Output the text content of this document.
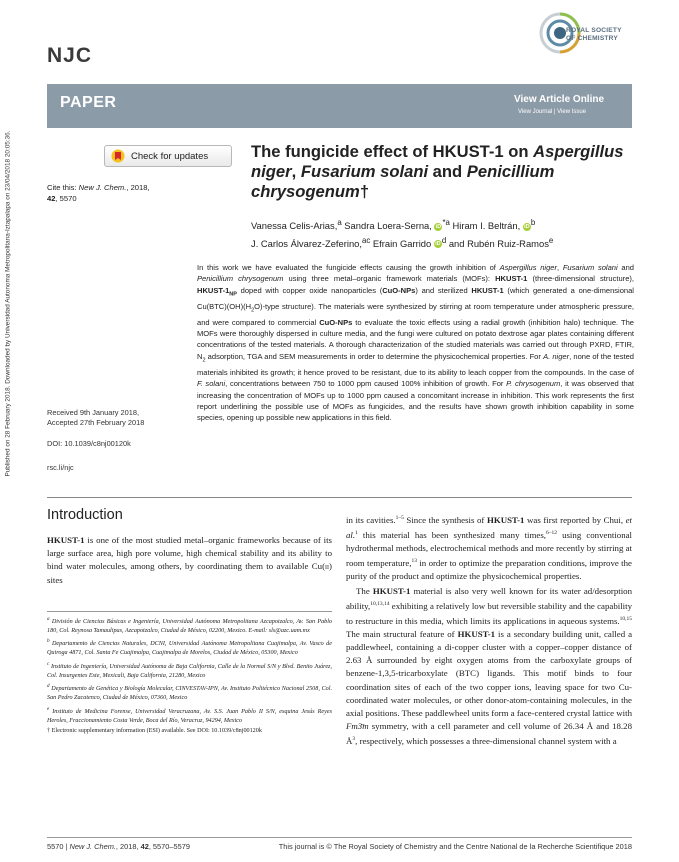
Published on 28 February 2018. Downloaded by Universidad Autonoma Metropolitana-Iztapalapa on 23/04/2018 20:05:36.
NJC
ROYAL SOCIETY
OF CHEMISTRY
PAPER	View Article Online
View Journal | View Issue
Check for updates
Cite this: New J. Chem., 2018,
42, 5570
The fungicide effect of HKUST-1 on Aspergillus niger, Fusarium solani and Penicillium chrysogenum†
Vanessa Celis-Arias,$^a$ Sandra Loera-Serna, $iD^{*a}$ Hiram I. Beltrán, $iD^b$
J. Carlos Álvarez-Zeferino,$^{ac}$ Efrain Garrido $iD^d$ and Rubén Ruiz-Ramos$^e$
In this work we have evaluated the fungicide effects causing the growth inhibition of Aspergillus niger, Fusarium solani and Penicillium chrysogenum using three metal–organic framework materials (MOFs): HKUST-1 (three-dimensional structure), HKUST-$1_{NP}$ doped with copper oxide nanoparticles (CuO-NPs) and sterilized HKUST-1 (which generated a one-dimensional $Cu(BTC)(OH)(H_2O)$-type structure). The materials were synthesized by stirring at room temperature under atmospheric pressure, and were compared to commercial CuO-NPs to evaluate the toxic effects using a radial growth (inhibition halo) technique. The MOFs were thoroughly dispersed in culture media, and the fungi were cultured on potato dextrose agar plates containing different concentrations of the tested materials. A thorough characterization of the studied materials was carried out through PXRD, FTIR, $N_2$ adsorption, TGA and SEM measurements in order to determine the physicochemical properties. For A. niger, none of the tested materials inhibited its growth; it hence proved to be resistant, due to its ability to leach copper from the compounds. In the case of F. solani, concentrations between 750 to 1000 ppm caused 100% inhibition of growth. For P. chrysogenum, it was observed that increasing the concentration of MOFs up to 1000 ppm caused a concomitant increase in inhibition. This work represents the first report underlining the possible use of MOFs as fungicides, and the results have shown growth inhibition capability in some species, opening up possible new applications in this field.
Received 9th January 2018,
Accepted 27th February 2018
DOI: 10.1039/c8nj00120k
rsc.li/njc
Introduction
HKUST-1 is one of the most studied metal–organic frameworks because of its large surface area, high pore volume, high chemical stability and its ability to bind water molecules, among others, by coordinating them to available Cu(ii) sites
$^a$ División de Ciencias Básicas e Ingeniería, Universidad Autónoma Metropolitana Azcapotzalco, Av. San Pablo 180, Col. Reynosa Tamaulipas, Azcapotzalco, Ciudad de México, 02200, Mexico. E-mail: sls@azc.uam.mx
$^b$ Departamento de Ciencias Naturales, DCNI, Universidad Autónoma Metropolitana Cuajimalpa, Av. Vasco de Quiroga 4871, Col. Santa Fe Cuajimalpa, Cuajimalpa de Morelos, Ciudad de México, 05300, Mexico
$^c$ Instituto de Ingeniería, Universidad Autónoma de Baja California, Calle de la Normal S/N y Blvd. Benito Juárez, Col. Insurgentes Este, Mexicali, Baja California, 21280, Mexico
$^d$ Departamento de Genética y Biología Molecular, CINVESTAV-IPN, Av. Instituto Politécnico Nacional 2508, Col. San Pedro Zacatenco, Ciudad de México, 07360, Mexico
$^e$ Instituto de Medicina Forense, Universidad Veracruzana, Av. S.S. Juan Pablo II S/N, esquina Jesús Reyes Heroles, Fraccionamiento Costa Verde, Boca del Río, Veracruz, 94294, Mexico
† Electronic supplementary information (ESI) available. See DOI: 10.1039/c8nj00120k

in its cavities.$^{1-5}$ Since the synthesis of HKUST-1 was first reported by Chui, et al.$^1$ this material has been synthesized many times,$^{6-12}$ using conventional hydrothermal methods, electrochemical methods and more recently by stirring at room temperature,$^{13}$ in order to optimize the preparation conditions, improve the purity of the product and optimize the physicochemical properties.

The HKUST-1 material is also very well known for its water ad/desorption ability,$^{10,13,14}$ exhibiting a relatively low but reversible stability and the capability to restructure in this media, which limits its applications in aqueous systems.$^{10,15}$ The main structural feature of HKUST-1 is a secondary building unit, called a paddlewheel, containing a di-copper cluster with a copper–copper distance of 2.63 Å surrounded by eight oxygen atoms from the carboxylate groups of benzene-1,3,5-tricarboxylate (BTC) ligands. This motif binds to four coordination sites of each of the two copper ions, leaving space for two Cu-coordinated water molecules, or other donor-atom-containing molecules, in the axial positions. These paddlewheel units form a face-centered crystal lattice with Fm3̄m symmetry, with a cell parameter and cell volume of 26.34 Å and 18.28 $Å^3$, respectively, which possesses a three-dimensional channel system with a

5570 | New J. Chem., 2018, 42, 5570–5579	This journal is © The Royal Society of Chemistry and the Centre National de la Recherche Scientifique 2018
